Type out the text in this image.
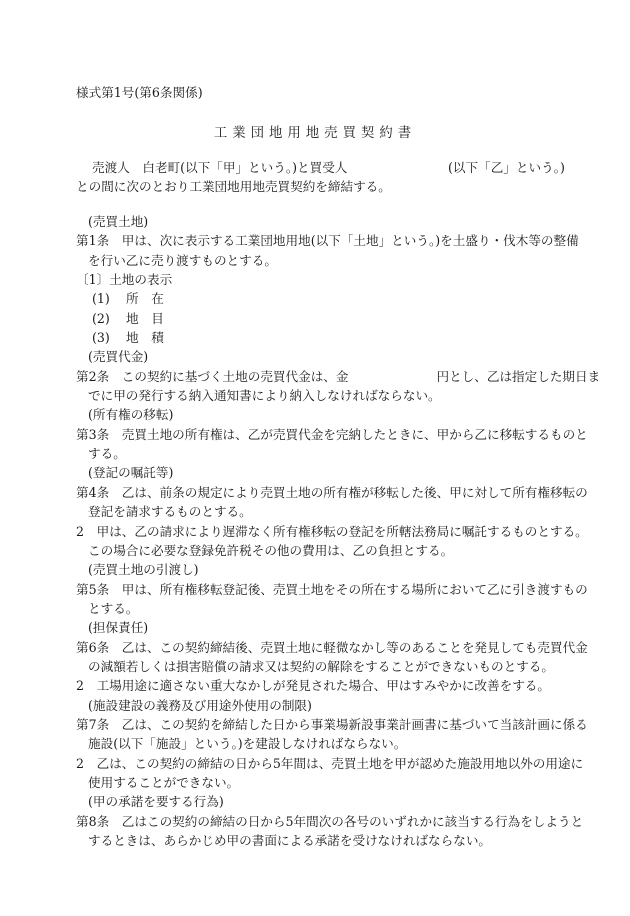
様式第1号(第6条関係)
工業団地用地売買契約書
売渡人　白老町(以下「甲」という。)と買受人	(以下「乙」という。)
との間に次のとおり工業団地用地売買契約を締結する。
(売買土地)
第1条　甲は、次に表示する工業団地用地(以下「土地」という。)を土盛り・伐木等の整備
を行い乙に売り渡すものとする。
〔1〕土地の表示
(1) 所　在
(2) 地　目
(3) 地　積
(売買代金)
第2条　この契約に基づく土地の売買代金は、金	円とし、乙は指定した期日ま
でに甲の発行する納入通知書により納入しなければならない。
(所有権の移転)
第3条　売買土地の所有権は、乙が売買代金を完納したときに、甲から乙に移転するものと
する。
(登記の嘱託等)
第4条　乙は、前条の規定により売買土地の所有権が移転した後、甲に対して所有権移転の
登記を請求するものとする。
2　甲は、乙の請求により遅滞なく所有権移転の登記を所轄法務局に嘱託するものとする。
この場合に必要な登録免許税その他の費用は、乙の負担とする。
(売買土地の引渡し)
第5条　甲は、所有権移転登記後、売買土地をその所在する場所において乙に引き渡すもの
とする。
(担保責任)
第6条　乙は、この契約締結後、売買土地に軽微なかし等のあることを発見しても売買代金
の減額若しくは損害賠償の請求又は契約の解除をすることができないものとする。
2　工場用途に適さない重大なかしが発見された場合、甲はすみやかに改善をする。
(施設建設の義務及び用途外使用の制限)
第7条　乙は、この契約を締結した日から事業場新設事業計画書に基づいて当該計画に係る
施設(以下「施設」という。)を建設しなければならない。
2　乙は、この契約の締結の日から5年間は、売買土地を甲が認めた施設用地以外の用途に
使用することができない。
(甲の承諾を要する行為)
第8条　乙はこの契約の締結の日から5年間次の各号のいずれかに該当する行為をしようと
するときは、あらかじめ甲の書面による承諾を受けなければならない。
